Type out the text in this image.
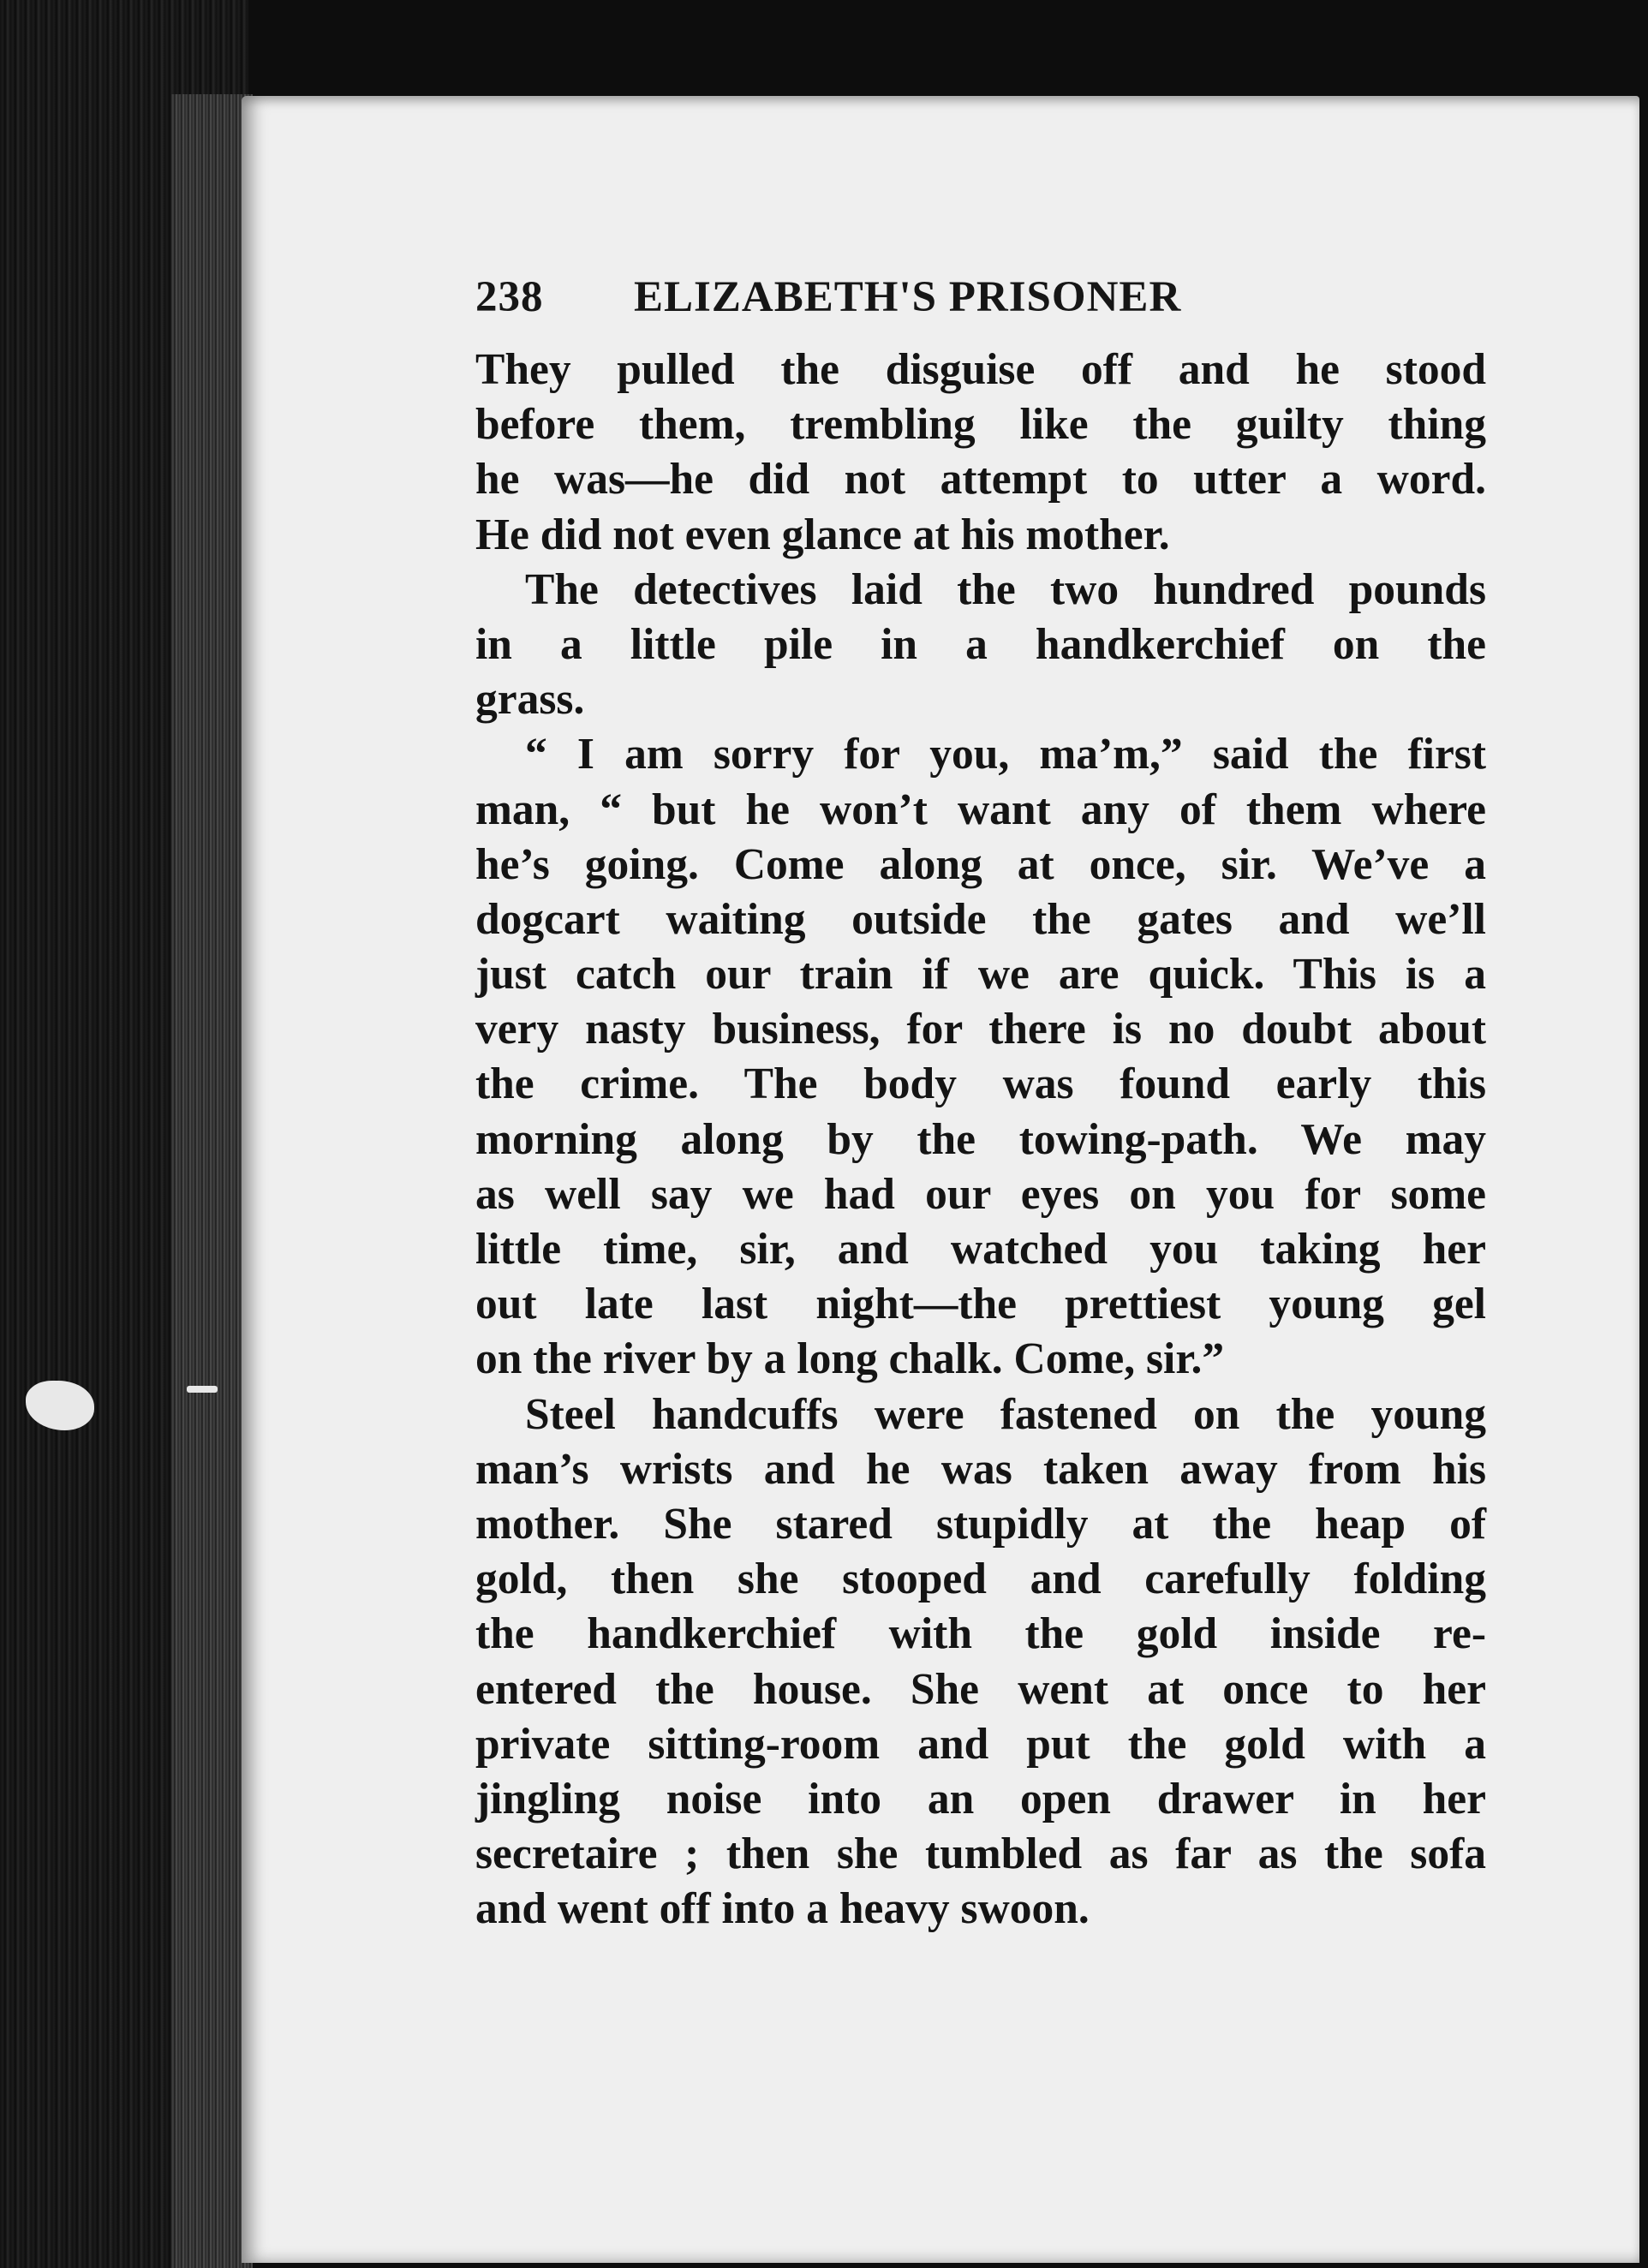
238 ELIZABETH'S PRISONER
They pulled the disguise off and he stood
before them, trembling like the guilty thing
he was—he did not attempt to utter a word.
He did not even glance at his mother.
The detectives laid the two hundred pounds
in a little pile in a handkerchief on the
grass.
“ I am sorry for you, ma’m,” said the first
man, “ but he won’t want any of them where
he’s going. Come along at once, sir. We’ve a
dogcart waiting outside the gates and we’ll
just catch our train if we are quick. This is a
very nasty business, for there is no doubt about
the crime. The body was found early this
morning along by the towing-path. We may
as well say we had our eyes on you for some
little time, sir, and watched you taking her
out late last night—the prettiest young gel
on the river by a long chalk. Come, sir.”
Steel handcuffs were fastened on the young
man’s wrists and he was taken away from his
mother. She stared stupidly at the heap of
gold, then she stooped and carefully folding
the handkerchief with the gold inside re-
entered the house. She went at once to her
private sitting-room and put the gold with a
jingling noise into an open drawer in her
secretaire ; then she tumbled as far as the sofa
and went off into a heavy swoon.
